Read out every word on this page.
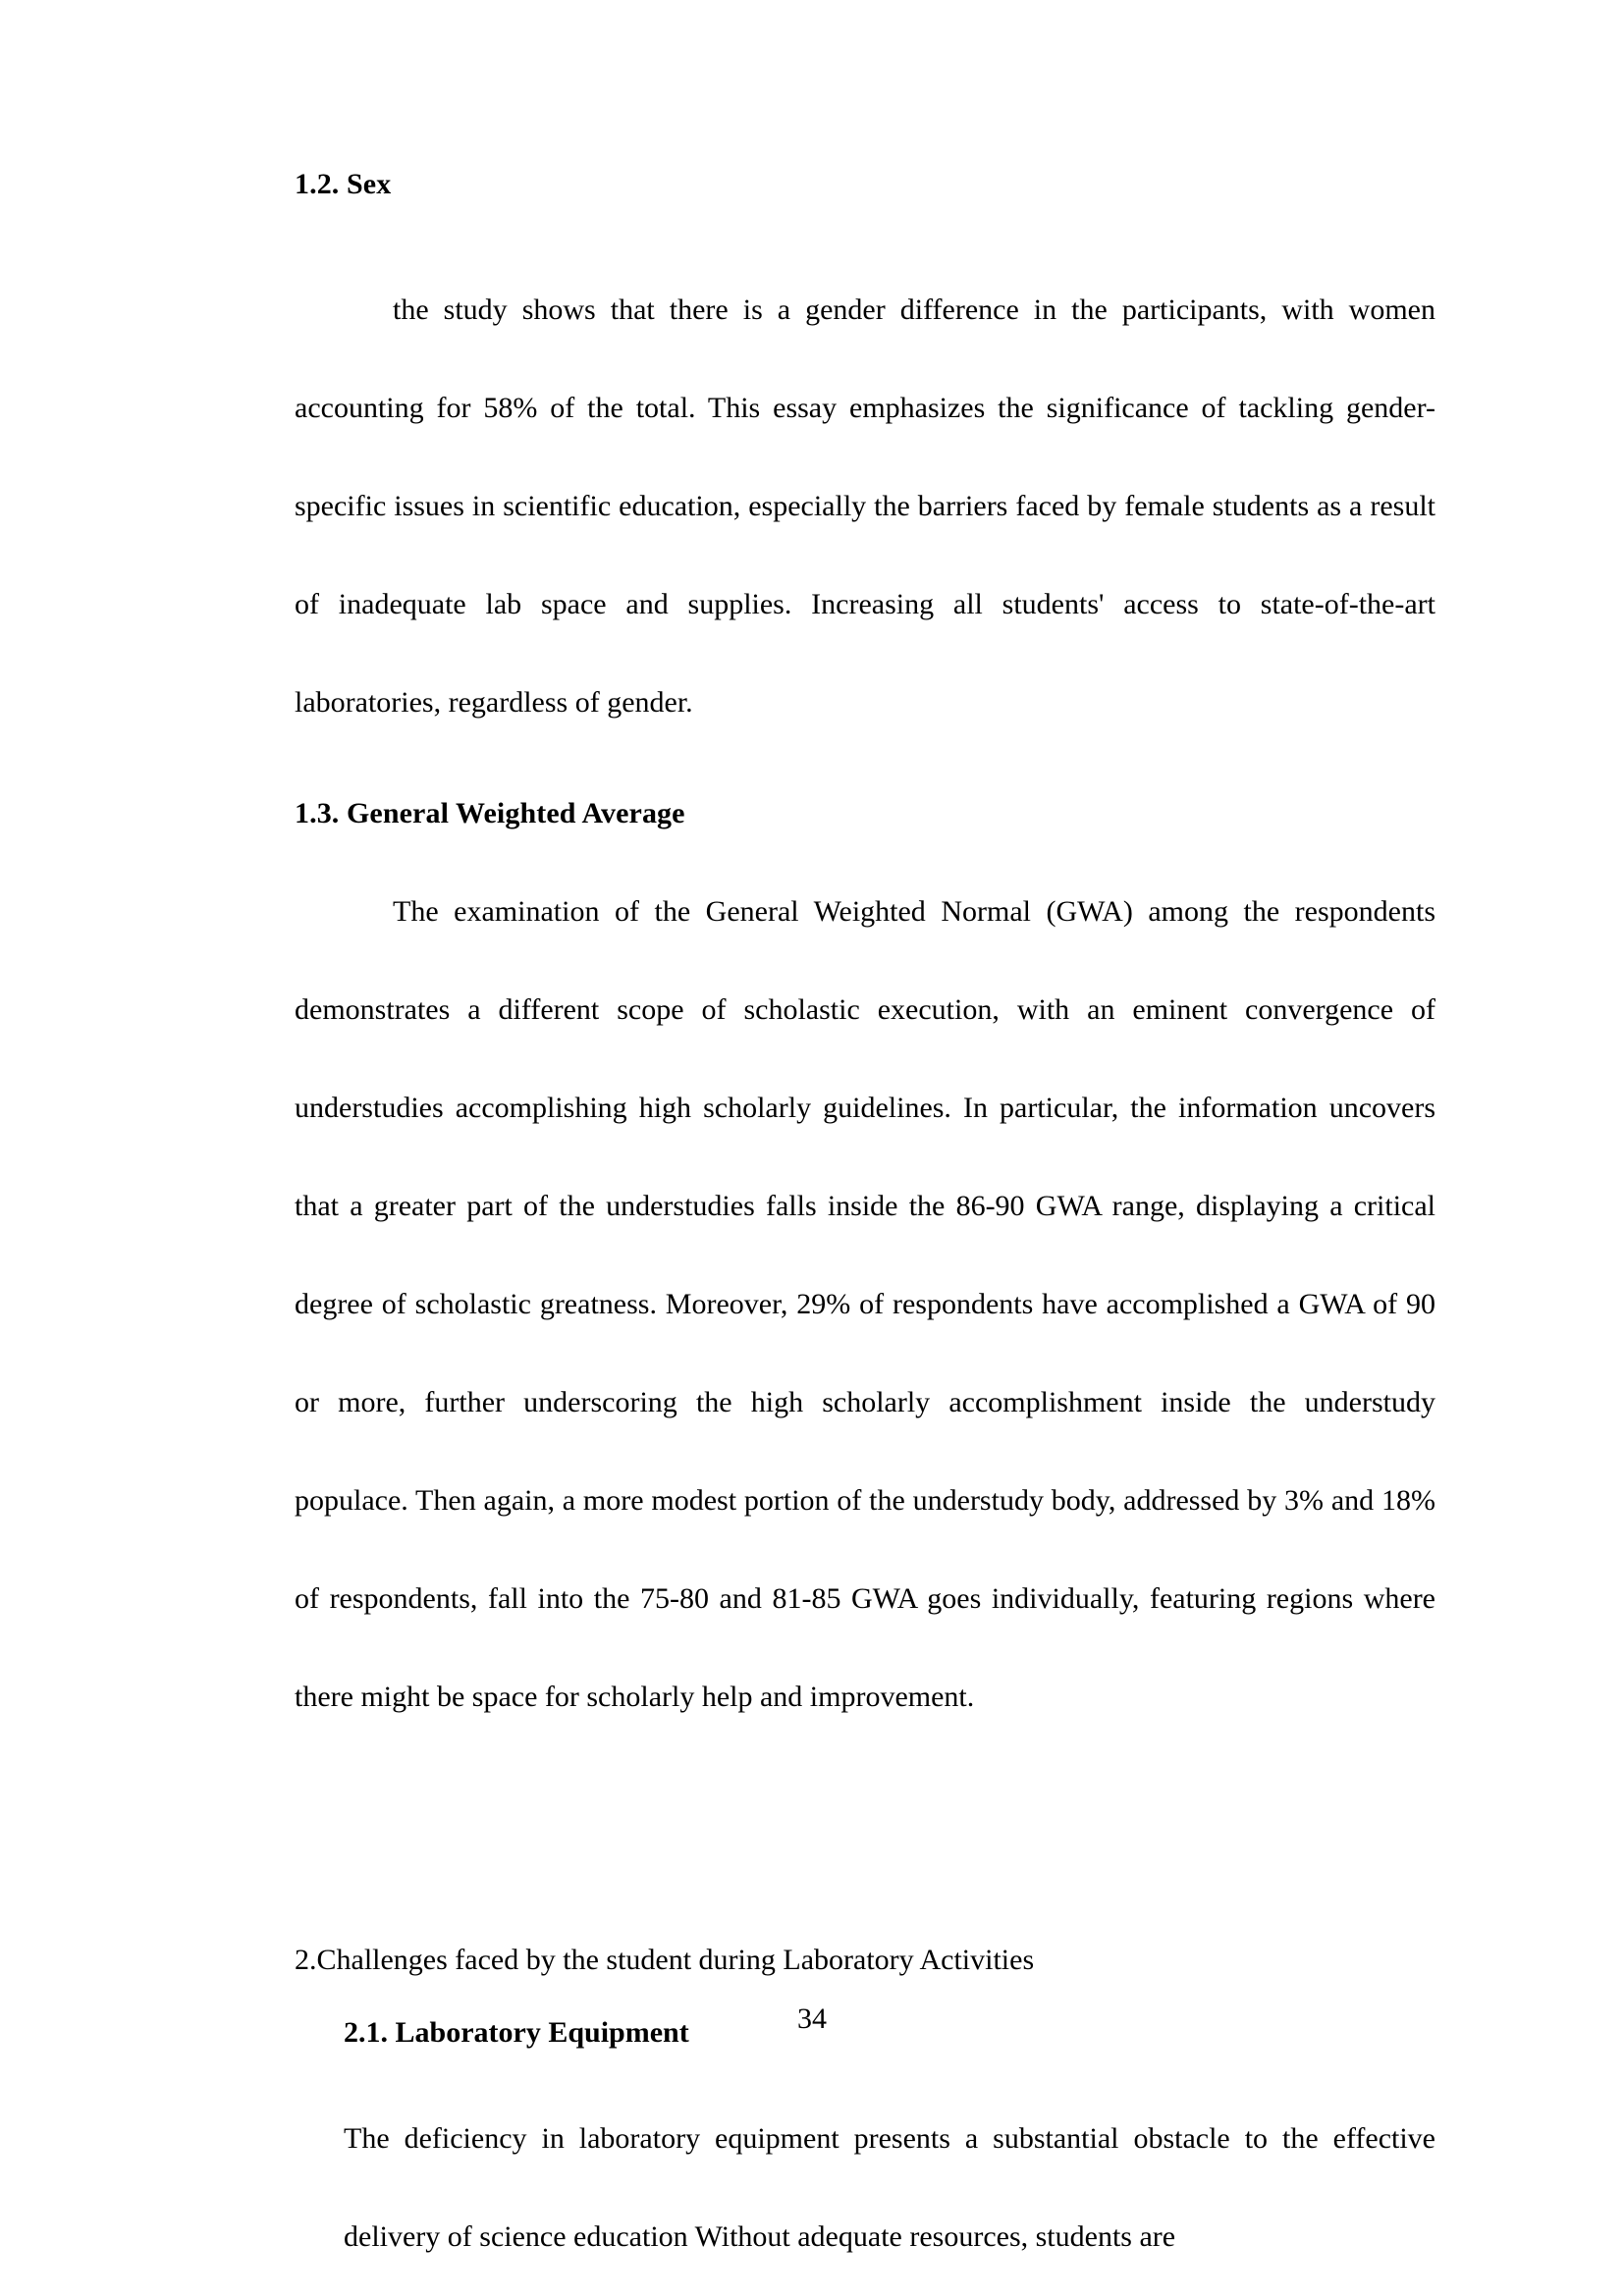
1.2. Sex

the study shows that there is a gender difference in the participants, with women accounting for 58% of the total. This essay emphasizes the significance of tackling gender-specific issues in scientific education, especially the barriers faced by female students as a result of inadequate lab space and supplies. Increasing all students' access to state-of-the-art laboratories, regardless of gender.

1.3. General Weighted Average

The examination of the General Weighted Normal (GWA) among the respondents demonstrates a different scope of scholastic execution, with an eminent convergence of understudies accomplishing high scholarly guidelines. In particular, the information uncovers that a greater part of the understudies falls inside the 86-90 GWA range, displaying a critical degree of scholastic greatness. Moreover, 29% of respondents have accomplished a GWA of 90 or more, further underscoring the high scholarly accomplishment inside the understudy populace. Then again, a more modest portion of the understudy body, addressed by 3% and 18% of respondents, fall into the 75-80 and 81-85 GWA goes individually, featuring regions where there might be space for scholarly help and improvement.

2.Challenges faced by the student during Laboratory Activities
2.1. Laboratory Equipment

The deficiency in laboratory equipment presents a substantial obstacle to the effective delivery of science education Without adequate resources, students are

34
